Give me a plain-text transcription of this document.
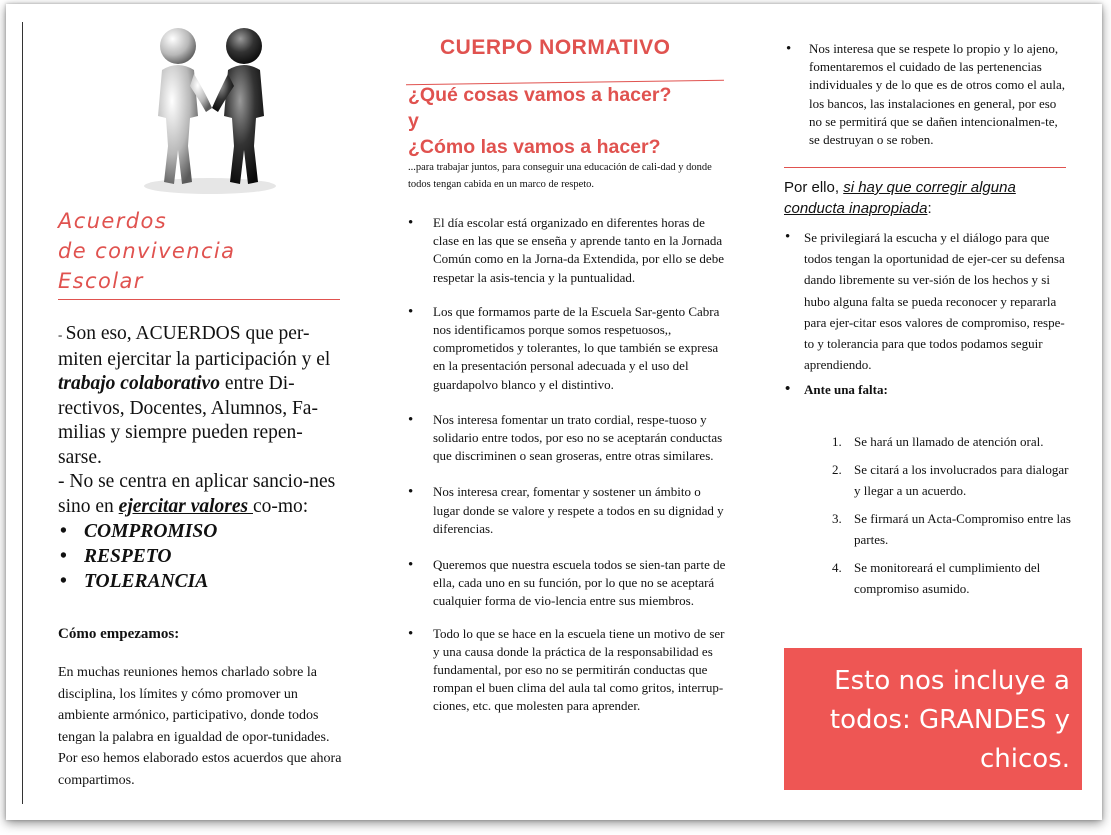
Acuerdos
de convivencia
Escolar
- Son eso, ACUERDOS que per-miten ejercitar la participación y el trabajo colaborativo entre Di-rectivos, Docentes, Alumnos, Fa-milias y siempre pueden repen-sarse.
- No se centra en aplicar sancio-nes sino en ejercitar valores co-mo:
• COMPROMISO
• RESPETO
• TOLERANCIA
Cómo empezamos:
En muchas reuniones hemos charlado sobre la disciplina, los límites y cómo promover un ambiente armónico, participativo, donde todos tengan la palabra en igualdad de opor-tunidades. Por eso hemos elaborado estos acuerdos que ahora compartimos.
CUERPO NORMATIVO
¿Qué cosas vamos a hacer?
y
¿Cómo las vamos a hacer?
...para trabajar juntos, para conseguir una educación de cali-dad y donde todos tengan cabida en un marco de respeto.
• El día escolar está organizado en diferentes horas de clase en las que se enseña y aprende tanto en la Jornada Común como en la Jorna-da Extendida, por ello se debe respetar la asis-tencia y la puntualidad.
• Los que formamos parte de la Escuela Sar-gento Cabra nos identificamos porque somos respetuosos,, comprometidos y tolerantes, lo que también se expresa en la presentación personal adecuada y el uso del guardapolvo blanco y el distintivo.
• Nos interesa fomentar un trato cordial, respe-tuoso y solidario entre todos, por eso no se aceptarán conductas que discriminen o sean groseras, entre otras similares.
• Nos interesa crear, fomentar y sostener un ámbito o lugar donde se valore y respete a todos en su dignidad y diferencias.
• Queremos que nuestra escuela todos se sien-tan parte de ella, cada uno en su función, por lo que no se aceptará cualquier forma de vio-lencia entre sus miembros.
• Todo lo que se hace en la escuela tiene un motivo de ser y una causa donde la práctica de la responsabilidad es fundamental, por eso no se permitirán conductas que rompan el buen clima del aula tal como gritos, interrup-ciones, etc. que molesten para aprender.
• Nos interesa que se respete lo propio y lo ajeno, fomentaremos el cuidado de las pertenencias individuales y de lo que es de otros como el aula, los bancos, las instalaciones en general, por eso no se permitirá que se dañen intencionalmen-te, se destruyan o se roben.
Por ello, si hay que corregir alguna conducta inapropiada:
• Se privilegiará la escucha y el diálogo para que todos tengan la oportunidad de ejer-cer su defensa dando libremente su ver-sión de los hechos y si hubo alguna falta se pueda reconocer y repararla para ejer-citar esos valores de compromiso, respe-to y tolerancia para que todos podamos seguir aprendiendo.
• Ante una falta:
1. Se hará un llamado de atención oral.
2. Se citará a los involucrados para dialogar y llegar a un acuerdo.
3. Se firmará un Acta-Compromiso entre las partes.
4. Se monitoreará el cumplimiento del compromiso asumido.
Esto nos incluye a todos: GRANDES y chicos.
